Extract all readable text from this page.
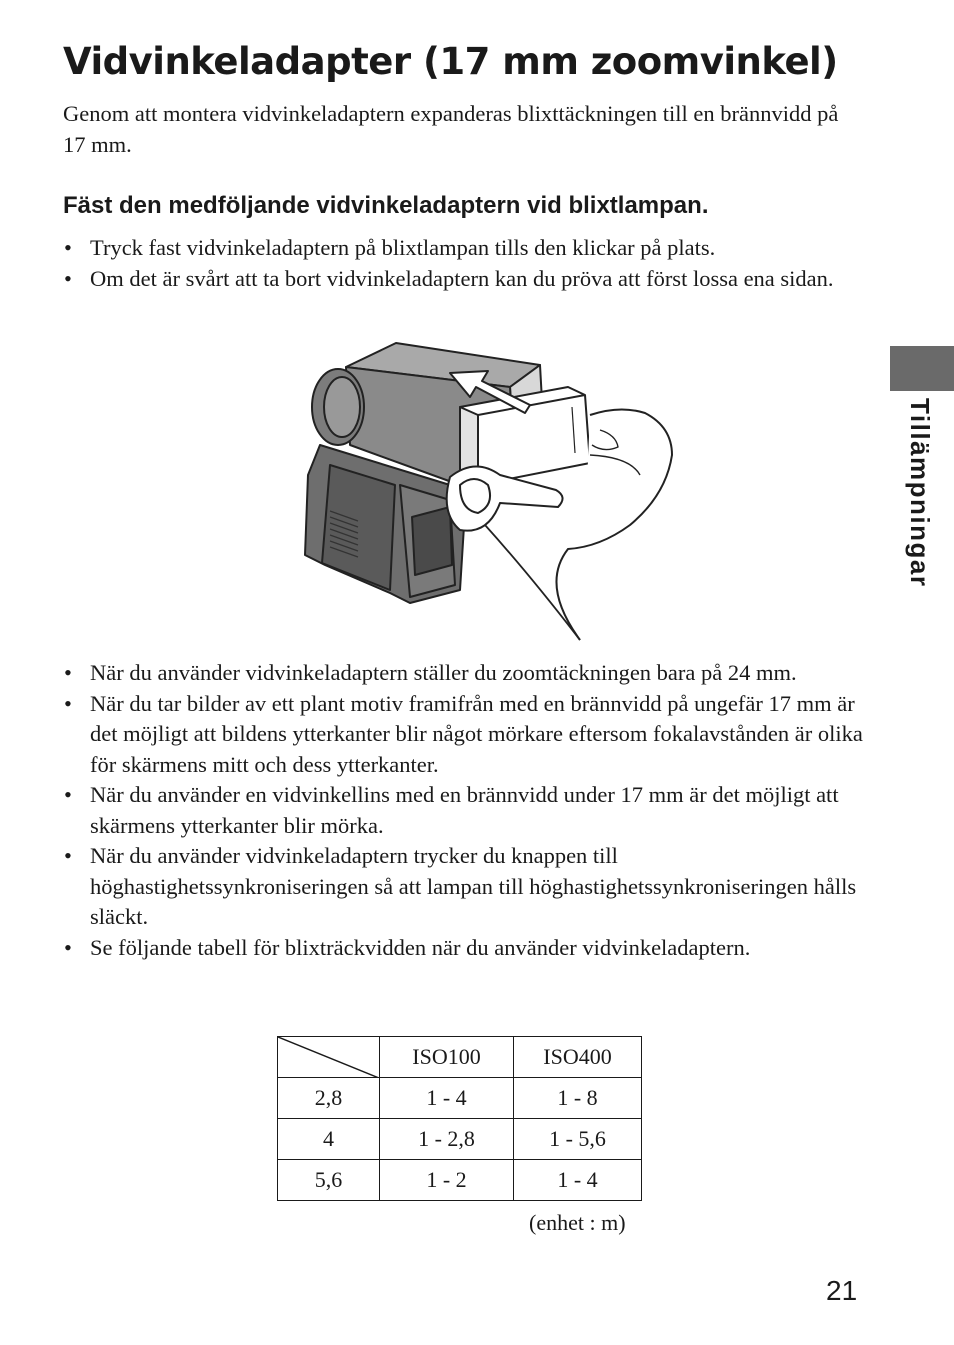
Vidvinkeladapter (17 mm zoomvinkel)

Genom att montera vidvinkeladaptern expanderas blixttäckningen till en brännvidd på 17 mm.

Fäst den medföljande vidvinkeladaptern vid blixtlampan.
• Tryck fast vidvinkeladaptern på blixtlampan tills den klickar på plats.
• Om det är svårt att ta bort vidvinkeladaptern kan du pröva att först lossa ena sidan.
Tillämpningar
• När du använder vidvinkeladaptern ställer du zoomtäckningen bara på 24 mm.
• När du tar bilder av ett plant motiv framifrån med en brännvidd på ungefär 17 mm är det möjligt att bildens ytterkanter blir något mörkare eftersom fokalavstånden är olika för skärmens mitt och dess ytterkanter.
• När du använder en vidvinkellins med en brännvidd under 17 mm är det möjligt att skärmens ytterkanter blir mörka.
• När du använder vidvinkeladaptern trycker du knappen till höghastighetssynkroniseringen så att lampan till höghastighetssynkroniseringen hålls släckt.
• Se följande tabell för blixträckvidden när du använder vidvinkeladaptern.
	ISO100	ISO400
2,8	1 - 4	1 - 8
4	1 - 2,8	1 - 5,6
5,6	1 - 2	1 - 4
(enhet : m)
21
